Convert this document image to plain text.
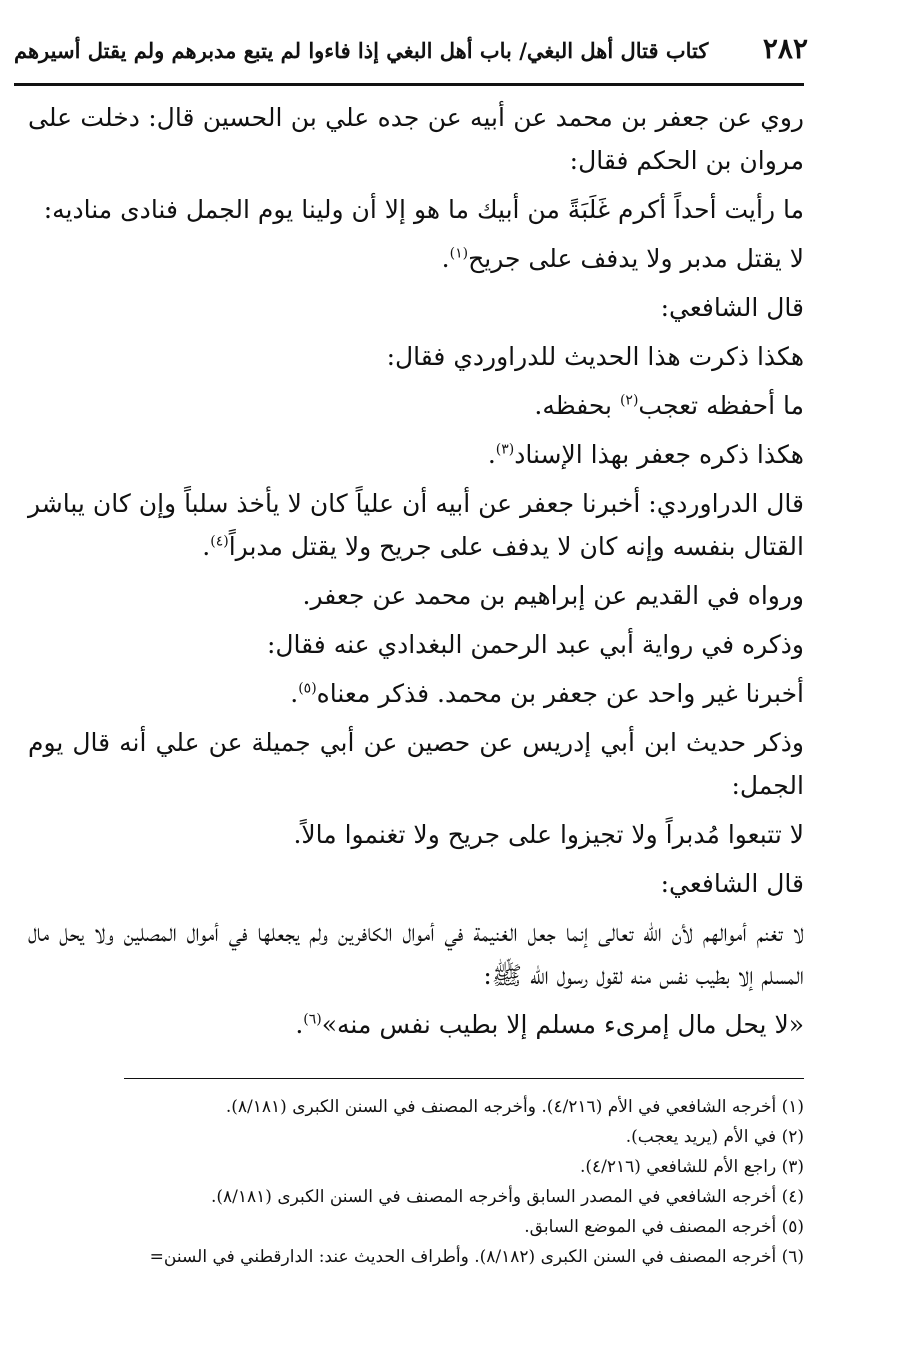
٢٨٢
كتاب قتال أهل البغي/ باب أهل البغي إذا فاءوا لم يتبع مدبرهم ولم يقتل أسيرهم

روي عن جعفر بن محمد عن أبيه عن جده علي بن الحسين قال: دخلت على مروان بن الحكم فقال:

ما رأيت أحداً أكرم غَلَبَةً من أبيك ما هو إلا أن ولينا يوم الجمل فنادى مناديه:

لا يقتل مدبر ولا يدفف على جريح$^{(١)}$.

قال الشافعي:

هكذا ذكرت هذا الحديث للدراوردي فقال:

ما أحفظه تعجب$^{(٢)}$ بحفظه.

هكذا ذكره جعفر بهذا الإسناد$^{(٣)}$.

قال الدراوردي: أخبرنا جعفر عن أبيه أن علياً كان لا يأخذ سلباً وإن كان يباشر القتال بنفسه وإنه كان لا يدفف على جريح ولا يقتل مدبراً$^{(٤)}$.

ورواه في القديم عن إبراهيم بن محمد عن جعفر.

وذكره في رواية أبي عبد الرحمن البغدادي عنه فقال:

أخبرنا غير واحد عن جعفر بن محمد. فذكر معناه$^{(٥)}$.

وذكر حديث ابن أبي إدريس عن حصين عن أبي جميلة عن علي أنه قال يوم الجمل:

لا تتبعوا مُدبراً ولا تجيزوا على جريح ولا تغنموا مالاً.

قال الشافعي:

لا تغنم أموالهم لأن الله تعالى إنما جعل الغنيمة في أموال الكافرين ولم يجعلها في أموال المصلين ولا يحل مال المسلم إلا بطيب نفس منه لقول رسول الله ﷺ:

«لا يحل مال إمرىء مسلم إلا بطيب نفس منه»$^{(٦)}$.

(١) أخرجه الشافعي في الأم (٤/٢١٦). وأخرجه المصنف في السنن الكبرى (٨/١٨١).

(٢) في الأم (يريد يعجب).

(٣) راجع الأم للشافعي (٤/٢١٦).

(٤) أخرجه الشافعي في المصدر السابق وأخرجه المصنف في السنن الكبرى (٨/١٨١).

(٥) أخرجه المصنف في الموضع السابق.

(٦) أخرجه المصنف في السنن الكبرى (٨/١٨٢). وأطراف الحديث عند: الدارقطني في السنن=
